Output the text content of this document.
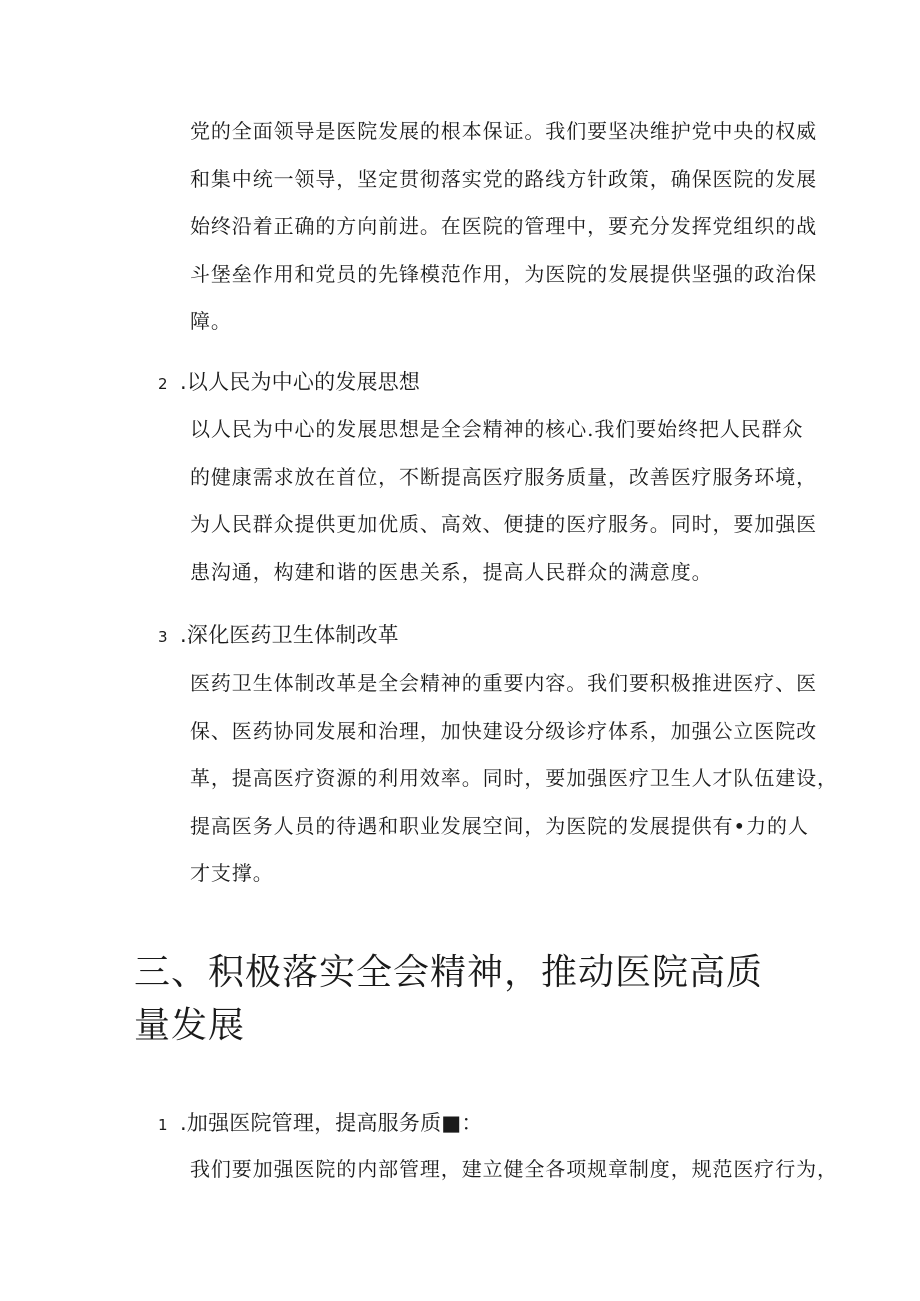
党的全面领导是医院发展的根本保证。我们要坚决维护党中央的权威
和集中统一领导，坚定贯彻落实党的路线方针政策，确保医院的发展
始终沿着正确的方向前进。在医院的管理中，要充分发挥党组织的战
斗堡垒作用和党员的先锋模范作用，为医院的发展提供坚强的政治保
障。
2 .以人民为中心的发展思想
以人民为中心的发展思想是全会精神的核心.我们要始终把人民群众
的健康需求放在首位，不断提高医疗服务质量，改善医疗服务环境，
为人民群众提供更加优质、高效、便捷的医疗服务。同时，要加强医
患沟通，构建和谐的医患关系，提高人民群众的满意度。
3 .深化医药卫生体制改革
医药卫生体制改革是全会精神的重要内容。我们要积极推进医疗、医
保、医药协同发展和治理，加快建设分级诊疗体系，加强公立医院改
革，提高医疗资源的利用效率。同时，要加强医疗卫生人才队伍建设，
提高医务人员的待遇和职业发展空间，为医院的发展提供有•力的人
才支撑。
三、积极落实全会精神，推动医院高质
量发展
1 .加强医院管理，提高服务质■：
我们要加强医院的内部管理，建立健全各项规章制度，规范医疗行为，
